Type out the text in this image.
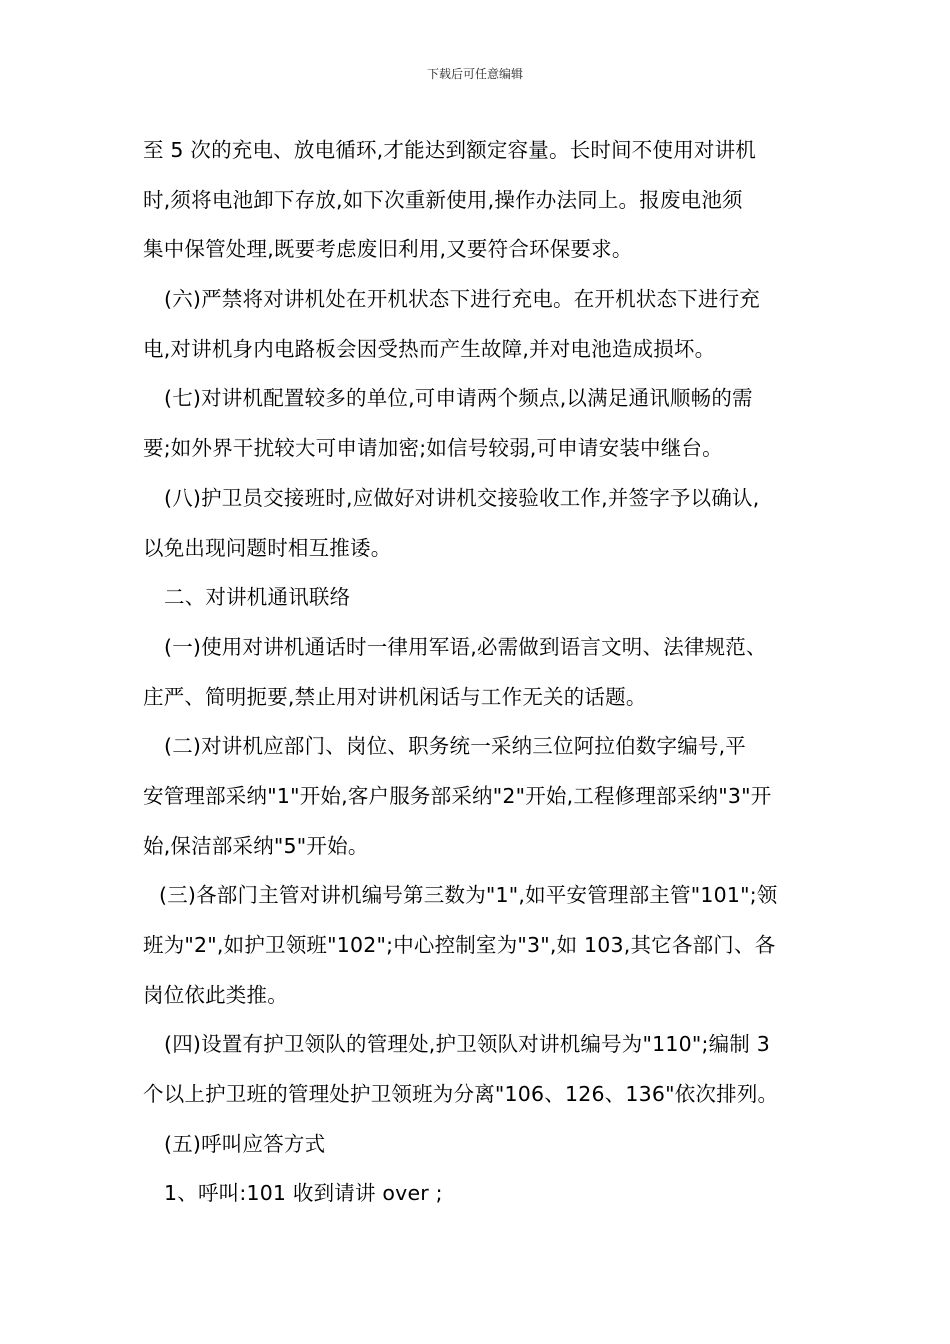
下载后可任意编辑
至 5 次的充电、放电循环,才能达到额定容量。长时间不使用对讲机
时,须将电池卸下存放,如下次重新使用,操作办法同上。报废电池须
集中保管处理,既要考虑废旧利用,又要符合环保要求。
(六)严禁将对讲机处在开机状态下进行充电。在开机状态下进行充
电,对讲机身内电路板会因受热而产生故障,并对电池造成损坏。
(七)对讲机配置较多的单位,可申请两个频点,以满足通讯顺畅的需
要;如外界干扰较大可申请加密;如信号较弱,可申请安装中继台。
(八)护卫员交接班时,应做好对讲机交接验收工作,并签字予以确认,
以免出现问题时相互推诿。
二、对讲机通讯联络
(一)使用对讲机通话时一律用军语,必需做到语言文明、法律规范、
庄严、简明扼要,禁止用对讲机闲话与工作无关的话题。
(二)对讲机应部门、岗位、职务统一采纳三位阿拉伯数字编号,平
安管理部采纳"1"开始,客户服务部采纳"2"开始,工程修理部采纳"3"开
始,保洁部采纳"5"开始。
(三)各部门主管对讲机编号第三数为"1",如平安管理部主管"101";领
班为"2",如护卫领班"102";中心控制室为"3",如 103,其它各部门、各
岗位依此类推。
(四)设置有护卫领队的管理处,护卫领队对讲机编号为"110";编制 3
个以上护卫班的管理处护卫领班为分离"106、126、136"依次排列。
(五)呼叫应答方式
1、呼叫:101 收到请讲 over ;
